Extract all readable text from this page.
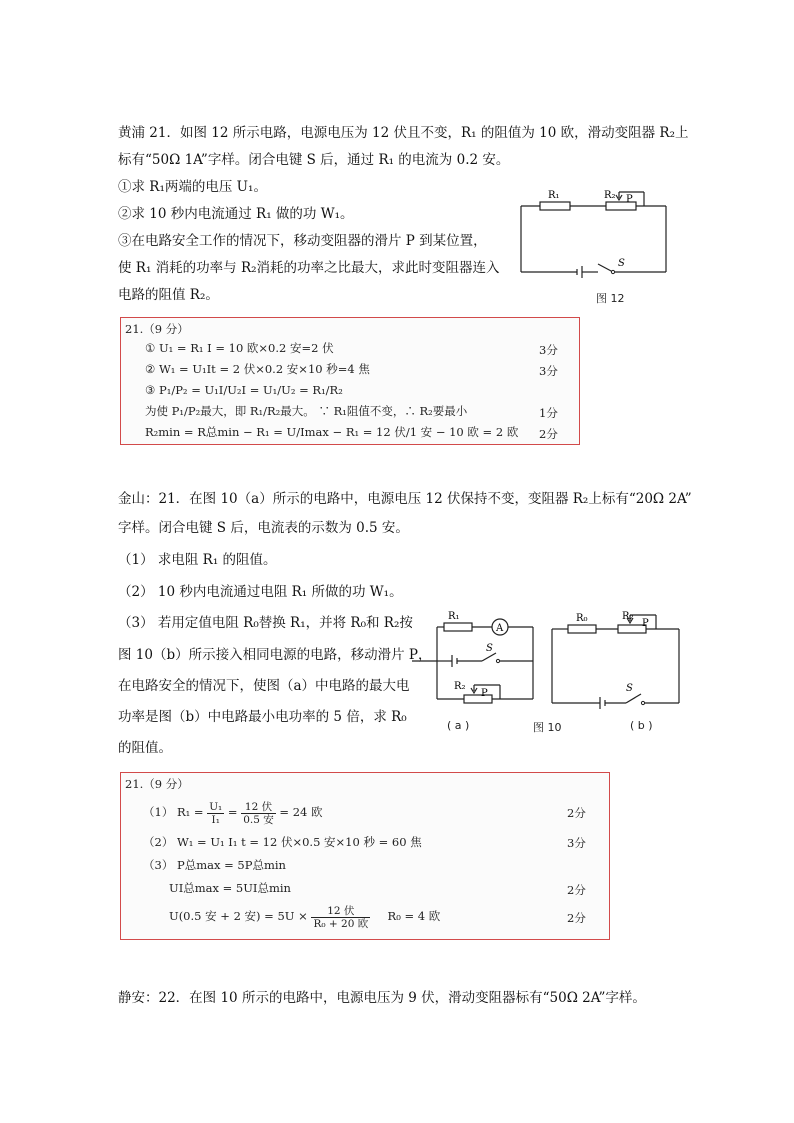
黄浦 21．如图 12 所示电路，电源电压为 12 伏且不变，R₁ 的阻值为 10 欧，滑动变阻器 R₂上
标有“50Ω 1A”字样。闭合电键 S 后，通过 R₁ 的电流为 0.2 安。
①求 R₁两端的电压 U₁。
②求 10 秒内电流通过 R₁ 做的功 W₁。
③在电路安全工作的情况下，移动变阻器的滑片 P 到某位置，
使 R₁ 消耗的功率与 R₂消耗的功率之比最大，求此时变阻器连入
电路的阻值 R₂。
R₁	R₂ P
S
图 12
21.（9 分）
① U₁ = R₁ I = 10 欧×0.2 安=2 伏	3分
② W₁ = U₁It = 2 伏×0.2 安×10 秒=4 焦	3分
③ P₁/P₂ = U₁I/U₂I = U₁/U₂ = R₁/R₂
为使 P₁/P₂最大，即 R₁/R₂最大。 ∵ R₁阻值不变，∴ R₂要最小	1分
R₂min = R总min − R₁ = U/Imax − R₁ = 12 伏/1 安 − 10 欧 = 2 欧 2分
金山：21．在图 10（a）所示的电路中，电源电压 12 伏保持不变，变阻器 R₂上标有“20Ω 2A”
字样。闭合电键 S 后，电流表的示数为 0.5 安。
（1） 求电阻 R₁ 的阻值。
（2） 10 秒内电流通过电阻 R₁ 所做的功 W₁。
（3） 若用定值电阻 R₀替换 R₁，并将 R₀和 R₂按
图 10（b）所示接入相同电源的电路，移动滑片 P，
在电路安全的情况下，使图（a）中电路的最大电
功率是图（b）中电路最小电功率的 5 倍，求 R₀
的阻值。
R₁
A
S
R₂
P
R₀	R₂
P
S
( a )	图 10	( b )
21.（9 分）
（1） $R_1 = \frac{\text{U₁}}{\text{I₁}} = \frac{\text{12 伏}}{\text{0.5 安}} = 24$ 欧	2分
（2） W₁ = U₁ I₁ t = 12 伏×0.5 安×10 秒 = 60 焦	3分
（3） P总max = 5P总min
UI总max = 5UI总min	2分
U(0.5 安 + 2 安) = $5U \times \frac{\text{12 伏}}{\text{R₀ + 20 欧}} R_0 = 4$ 欧	2分
静安：22．在图 10 所示的电路中，电源电压为 9 伏，滑动变阻器标有“50Ω 2A”字样。
